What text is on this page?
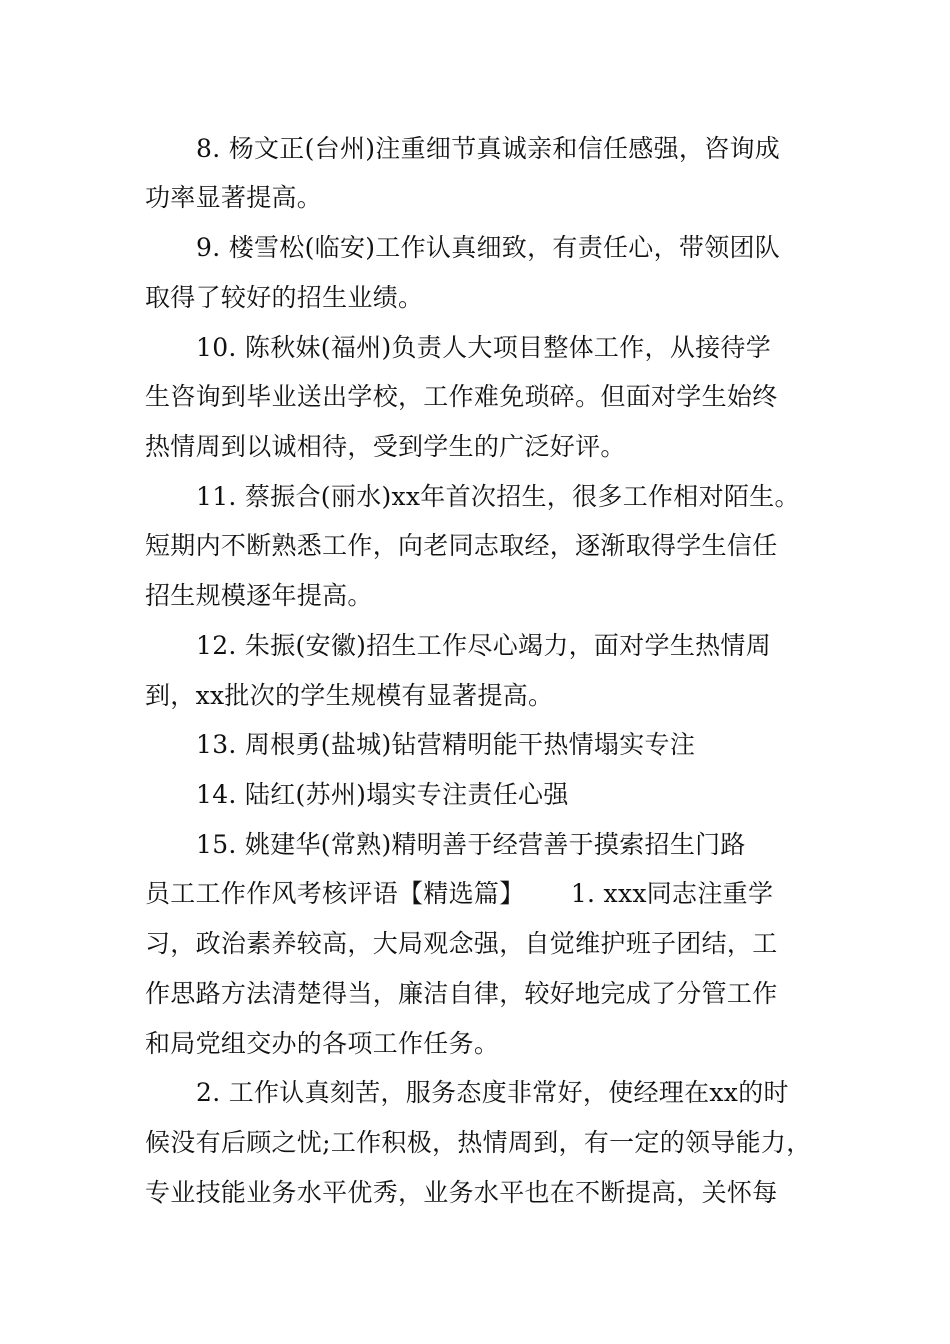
8. 杨文正(台州)注重细节真诚亲和信任感强，咨询成
功率显著提高。
9. 楼雪松(临安)工作认真细致，有责任心，带领团队
取得了较好的招生业绩。
10. 陈秋妹(福州)负责人大项目整体工作，从接待学
生咨询到毕业送出学校，工作难免琐碎。但面对学生始终
热情周到以诚相待，受到学生的广泛好评。
11. 蔡振合(丽水)xx年首次招生，很多工作相对陌生。
短期内不断熟悉工作，向老同志取经，逐渐取得学生信任
招生规模逐年提高。
12. 朱振(安徽)招生工作尽心竭力，面对学生热情周
到，xx批次的学生规模有显著提高。
13. 周根勇(盐城)钻营精明能干热情塌实专注
14. 陆红(苏州)塌实专注责任心强
15. 姚建华(常熟)精明善于经营善于摸索招生门路
员工工作作风考核评语【精选篇】　　 1. xxx同志注重学
习，政治素养较高，大局观念强，自觉维护班子团结，工
作思路方法清楚得当，廉洁自律，较好地完成了分管工作
和局党组交办的各项工作任务。
2. 工作认真刻苦，服务态度非常好，使经理在xx的时
候没有后顾之忧;工作积极，热情周到，有一定的领导能力，
专业技能业务水平优秀，业务水平也在不断提高，关怀每
